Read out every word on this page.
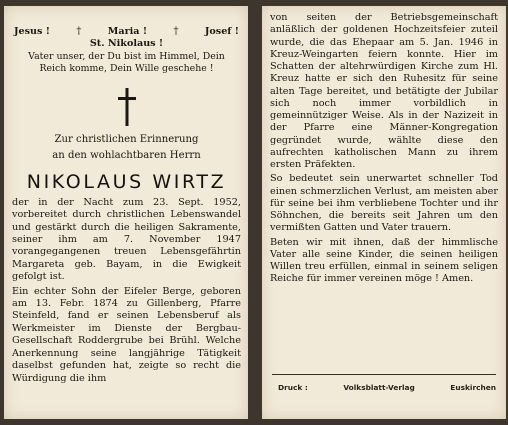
Jesus !	†	Maria !	†	Josef !
St. Nikolaus !
Vater unser, der Du bist im Himmel, Dein Reich komme, Dein Wille geschehe !
Zur christlichen Erinnerung
an den wohlachtbaren Herrn
NIKOLAUS WIRTZ

der in der Nacht zum 23. Sept. 1952, vorbereitet durch christlichen Lebenswandel und gestärkt durch die heiligen Sakramente, seiner ihm am 7. November 1947 vorangegangenen treuen Lebensgefährtin Margareta geb. Bayam, in die Ewigkeit gefolgt ist.

Ein echter Sohn der Eifeler Berge, geboren am 13. Febr. 1874 zu Gillenberg, Pfarre Steinfeld, fand er seinen Lebensberuf als Werkmeister im Dienste der Bergbau-Gesellschaft Roddergrube bei Brühl. Welche Anerkennung seine langjährige Tätigkeit daselbst gefunden hat, zeigte so recht die Würdigung die ihm

von seiten der Betriebsgemeinschaft anläßlich der goldenen Hochzeitsfeier zuteil wurde, die das Ehepaar am 5. Jan. 1946 in Kreuz-Weingarten feiern konnte. Hier im Schatten der altehrwürdigen Kirche zum Hl. Kreuz hatte er sich den Ruhesitz für seine alten Tage bereitet, und betätigte der Jubilar sich noch immer vorbildlich in gemeinnütziger Weise. Als in der Nazizeit in der Pfarre eine Männer-Kongregation gegründet wurde, wählte diese den aufrechten katholischen Mann zu ihrem ersten Präfekten.

So bedeutet sein unerwartet schneller Tod einen schmerzlichen Verlust, am meisten aber für seine bei ihm verbliebene Tochter und ihr Söhnchen, die bereits seit Jahren um den vermißten Gatten und Vater trauern.

Beten wir mit ihnen, daß der himmlische Vater alle seine Kinder, die seinen heiligen Willen treu erfüllen, einmal in seinem seligen Reiche für immer vereinen möge ! Amen.

Druck :	Volksblatt-Verlag	Euskirchen
